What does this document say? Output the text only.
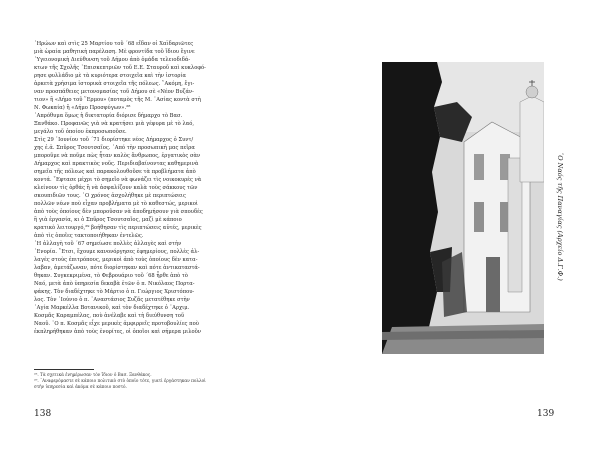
῾Ηρώων καὶ στὶς 25 Μαρτίου τοῦ ΄68 εἴδαν οἱ Χαϊδαριῶτες
μιὰ ὡραία μαθητικὴ παρέλαση. Μὲ φροντίδα τοῦ ἴδιου ἔγινε
῾Υγειονομικὴ Διεύθυνση τοῦ Δήμου ἀπὸ ὁμάδα τελειοδιδά-
κτων τῆς Σχολῆς ᾿Επισκεπτριῶν τοῦ Ε.Ε. Σταυροῦ καὶ κυκλοφό-
ρησε φυλλάδιο μὲ τὰ κυριότερα στοιχεῖα καὶ τὴν ἱστορία
ἀρκετὰ χρήσιμα ἱστορικὰ στοιχεῖα τῆς πόλεως. ῞Ακόμη, ἔγι-
ναν προσπάθειες μετονομασίας τοῦ Δήμου σὲ «Νέον Βυζάν-
τιον» ἢ «Δήμο τοῦ ῞Ερμου» (ποταμὸς τῆς Μ. ᾿Ασίας κοντὰ στὴ
Ν. Φωκαία) ἢ «Δήμο Προσφύγων».²⁸
᾿Απρόθυμα ὅμως ἡ δικτατορία διόρισε δήμαρχο τὸ Βασ.
Ξανθάκο. Προφανῶς γιὰ νὰ κρατήσει μιὰ γέφυρα μὲ τὸ λαό,
μεγάλο τοῦ ὁποίου ἐκπροσωποῦσε.
Στὶς 29 ᾿Ιουνίου τοῦ ΄71 διορίστηκε νέος Δήμαρχος ὁ Συντ/
χης ἐ.ἀ. Σπῦρος Τσουτσαῖος. ᾿Από τὴν προσωπικὴ μας πεῖρα
μποροῦμε νὰ ποῦμε πὼς ἦταν καλὸς ἄνθρωπος, ἐργατικὸς σὰν
Δήμαρχος καὶ πρακτικὸς νοῦς. Περιδιαβαίνοντας καθημερινὰ
σημεῖα τῆς πόλεως καὶ παρακολουθοῦσε τὰ προβλήματα ἀπὸ
κοντά. ῎Εφτασε μέχρι τὸ σημεῖο νὰ φωνάζει τὶς νοικοκυρὲς νὰ
κλείνουν τὶς ὀρθάς ἢ νὰ ἀσφαλίζουν καλὰ τοὺς σάκκους τῶν
σκουπιδιῶν τους. ῾Ο χρόνος ἀσχολήθηκε μὲ περιπτώσεις
πολλῶν νέων ποὺ εἶχαν προβλήματα μὲ τὸ καθεστώς, μερικοὶ
ἀπὸ τοὺς ὁποίους δὲν μποροῦσαν νὰ ἀποδημήσουν γιὰ σπουδὲς
ἢ γιὰ ἐργασία, κι ὁ Σπῦρος Τσουτσαῖος, μαζὶ μὲ κάποιο
κρατικὸ λειτουργό,²⁹ βοήθησαν τὶς περιπτώσεις αὐτές, μερικὲς
ἀπὸ τὶς ὁποῖες τακτοποιήθηκαν ἐντελῶς.
῾Η ἀλλαγὴ τοῦ ΄67 σημείωσε πολλὲς ἀλλαγὲς καὶ στὴν
῾Ενορία. ῎Ετσι, ἔχουμε κανονόργησες ἐφημερίους, πολλὲς ἀλ-
λαγὲς στοὺς ἐπιτρόπους, μερικοὶ ἀπὸ τοὺς ὁποίους δὲν κατα-
λαβαν, ἀμετάζωναν, πότε διορίστηκαν καὶ πότε ἀντικαταστά-
θηκαν. Συγκεκριμένα, τὸ Φεβρουάριο τοῦ ΄68 ἦρθε ἀπὸ τὸ
Ναό, μετὰ ἀπὸ ὑπηρεσία δεκαβὰ ἐτῶν ὁ π. Νικόλαος Πορτα-
φάκης. Τὸν διαδέχτηκε τὸ Μάρτιο ὁ π. Γεώργιος Χριστόπου-
λος. Τὸν ᾿Ιούνιο ὁ π. ᾿Αναστάσιος Συζᾶς μετατέθηκε στὴν
῾Αγία Μαρκέλλα Βοτανικοῦ, καὶ τὸν διαδέχτηκε ὁ ᾿Αρχιμ.
Κοσμᾶς Καραμπέλας, ποὺ ἀνέλαβε καὶ τὴ διεύθυνση τοῦ
Ναοῦ. ῾Ο π. Κοσμᾶς εἶχε μερικὲς ἀμφιρρεῖς προτοβουλίες ποὺ
ἐκπληρήθηκαν ἀπὸ τοὺς ἐνορίτες, οἱ ὁποῖοι καὶ σήμερα μιλοῦν
²⁸. Τὰ σχετικὰ ἐνημέρωσαν τὸν ἴδιον ὁ Βασ. Ξανθάκος.
²⁹. ᾿Αναφερόμαστε σὲ κάποιο πολιτικὸ στὸ ὁποῖο τότε, γιατὶ ἐργάστηκαν πολλοὶ
στὴν ὑπηρεσία καὶ ἀκόμα σὲ κάποιο ποστό.
138
῾Ο Ναός τῆς Παναγίας (Αρχείο Δ.Γ.Φ.)
139
